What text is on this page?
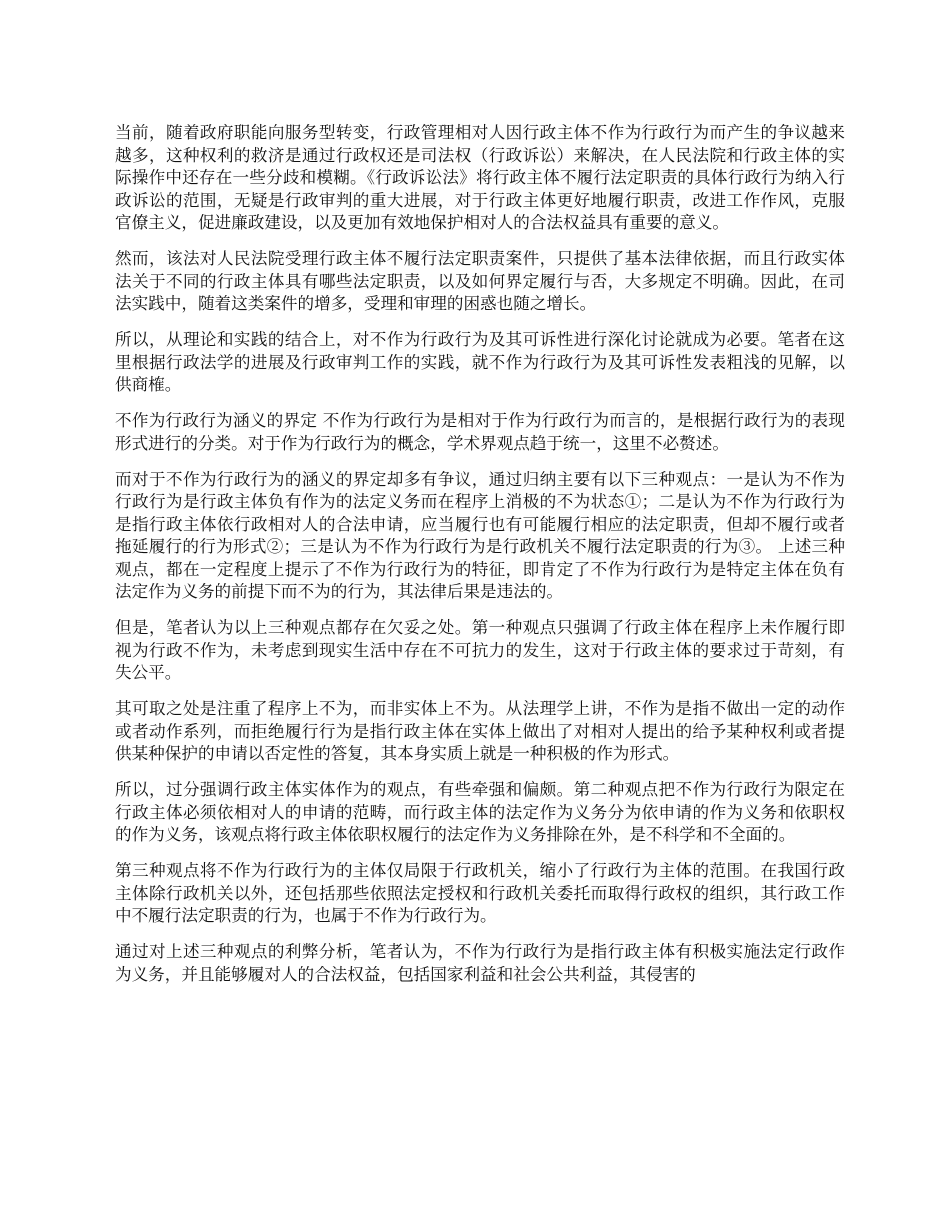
当前，随着政府职能向服务型转变，行政管理相对人因行政主体不作为行政行为而产生的争议越来越多，这种权利的救济是通过行政权还是司法权（行政诉讼）来解决，在人民法院和行政主体的实际操作中还存在一些分歧和模糊。《行政诉讼法》将行政主体不履行法定职责的具体行政行为纳入行政诉讼的范围，无疑是行政审判的重大进展，对于行政主体更好地履行职责，改进工作作风，克服官僚主义，促进廉政建设，以及更加有效地保护相对人的合法权益具有重要的意义。

然而，该法对人民法院受理行政主体不履行法定职责案件，只提供了基本法律依据，而且行政实体法关于不同的行政主体具有哪些法定职责，以及如何界定履行与否，大多规定不明确。因此，在司法实践中，随着这类案件的增多，受理和审理的困惑也随之增长。

所以，从理论和实践的结合上，对不作为行政行为及其可诉性进行深化讨论就成为必要。笔者在这里根据行政法学的进展及行政审判工作的实践，就不作为行政行为及其可诉性发表粗浅的见解，以供商榷。

不作为行政行为涵义的界定 不作为行政行为是相对于作为行政行为而言的，是根据行政行为的表现形式进行的分类。对于作为行政行为的概念，学术界观点趋于统一，这里不必赘述。

而对于不作为行政行为的涵义的界定却多有争议，通过归纳主要有以下三种观点：一是认为不作为行政行为是行政主体负有作为的法定义务而在程序上消极的不为状态①；二是认为不作为行政行为是指行政主体依行政相对人的合法申请，应当履行也有可能履行相应的法定职责，但却不履行或者拖延履行的行为形式②；三是认为不作为行政行为是行政机关不履行法定职责的行为③。 上述三种观点，都在一定程度上提示了不作为行政行为的特征，即肯定了不作为行政行为是特定主体在负有法定作为义务的前提下而不为的行为，其法律后果是违法的。

但是，笔者认为以上三种观点都存在欠妥之处。第一种观点只强调了行政主体在程序上未作履行即视为行政不作为，未考虑到现实生活中存在不可抗力的发生，这对于行政主体的要求过于苛刻，有失公平。

其可取之处是注重了程序上不为，而非实体上不为。从法理学上讲，不作为是指不做出一定的动作或者动作系列，而拒绝履行行为是指行政主体在实体上做出了对相对人提出的给予某种权利或者提供某种保护的申请以否定性的答复，其本身实质上就是一种积极的作为形式。

所以，过分强调行政主体实体作为的观点，有些牵强和偏颇。第二种观点把不作为行政行为限定在行政主体必须依相对人的申请的范畴，而行政主体的法定作为义务分为依申请的作为义务和依职权的作为义务，该观点将行政主体依职权履行的法定作为义务排除在外，是不科学和不全面的。

第三种观点将不作为行政行为的主体仅局限于行政机关，缩小了行政行为主体的范围。在我国行政主体除行政机关以外，还包括那些依照法定授权和行政机关委托而取得行政权的组织，其行政工作中不履行法定职责的行为，也属于不作为行政行为。

通过对上述三种观点的利弊分析，笔者认为，不作为行政行为是指行政主体有积极实施法定行政作为义务，并且能够履对人的合法权益，包括国家利益和社会公共利益，其侵害的
